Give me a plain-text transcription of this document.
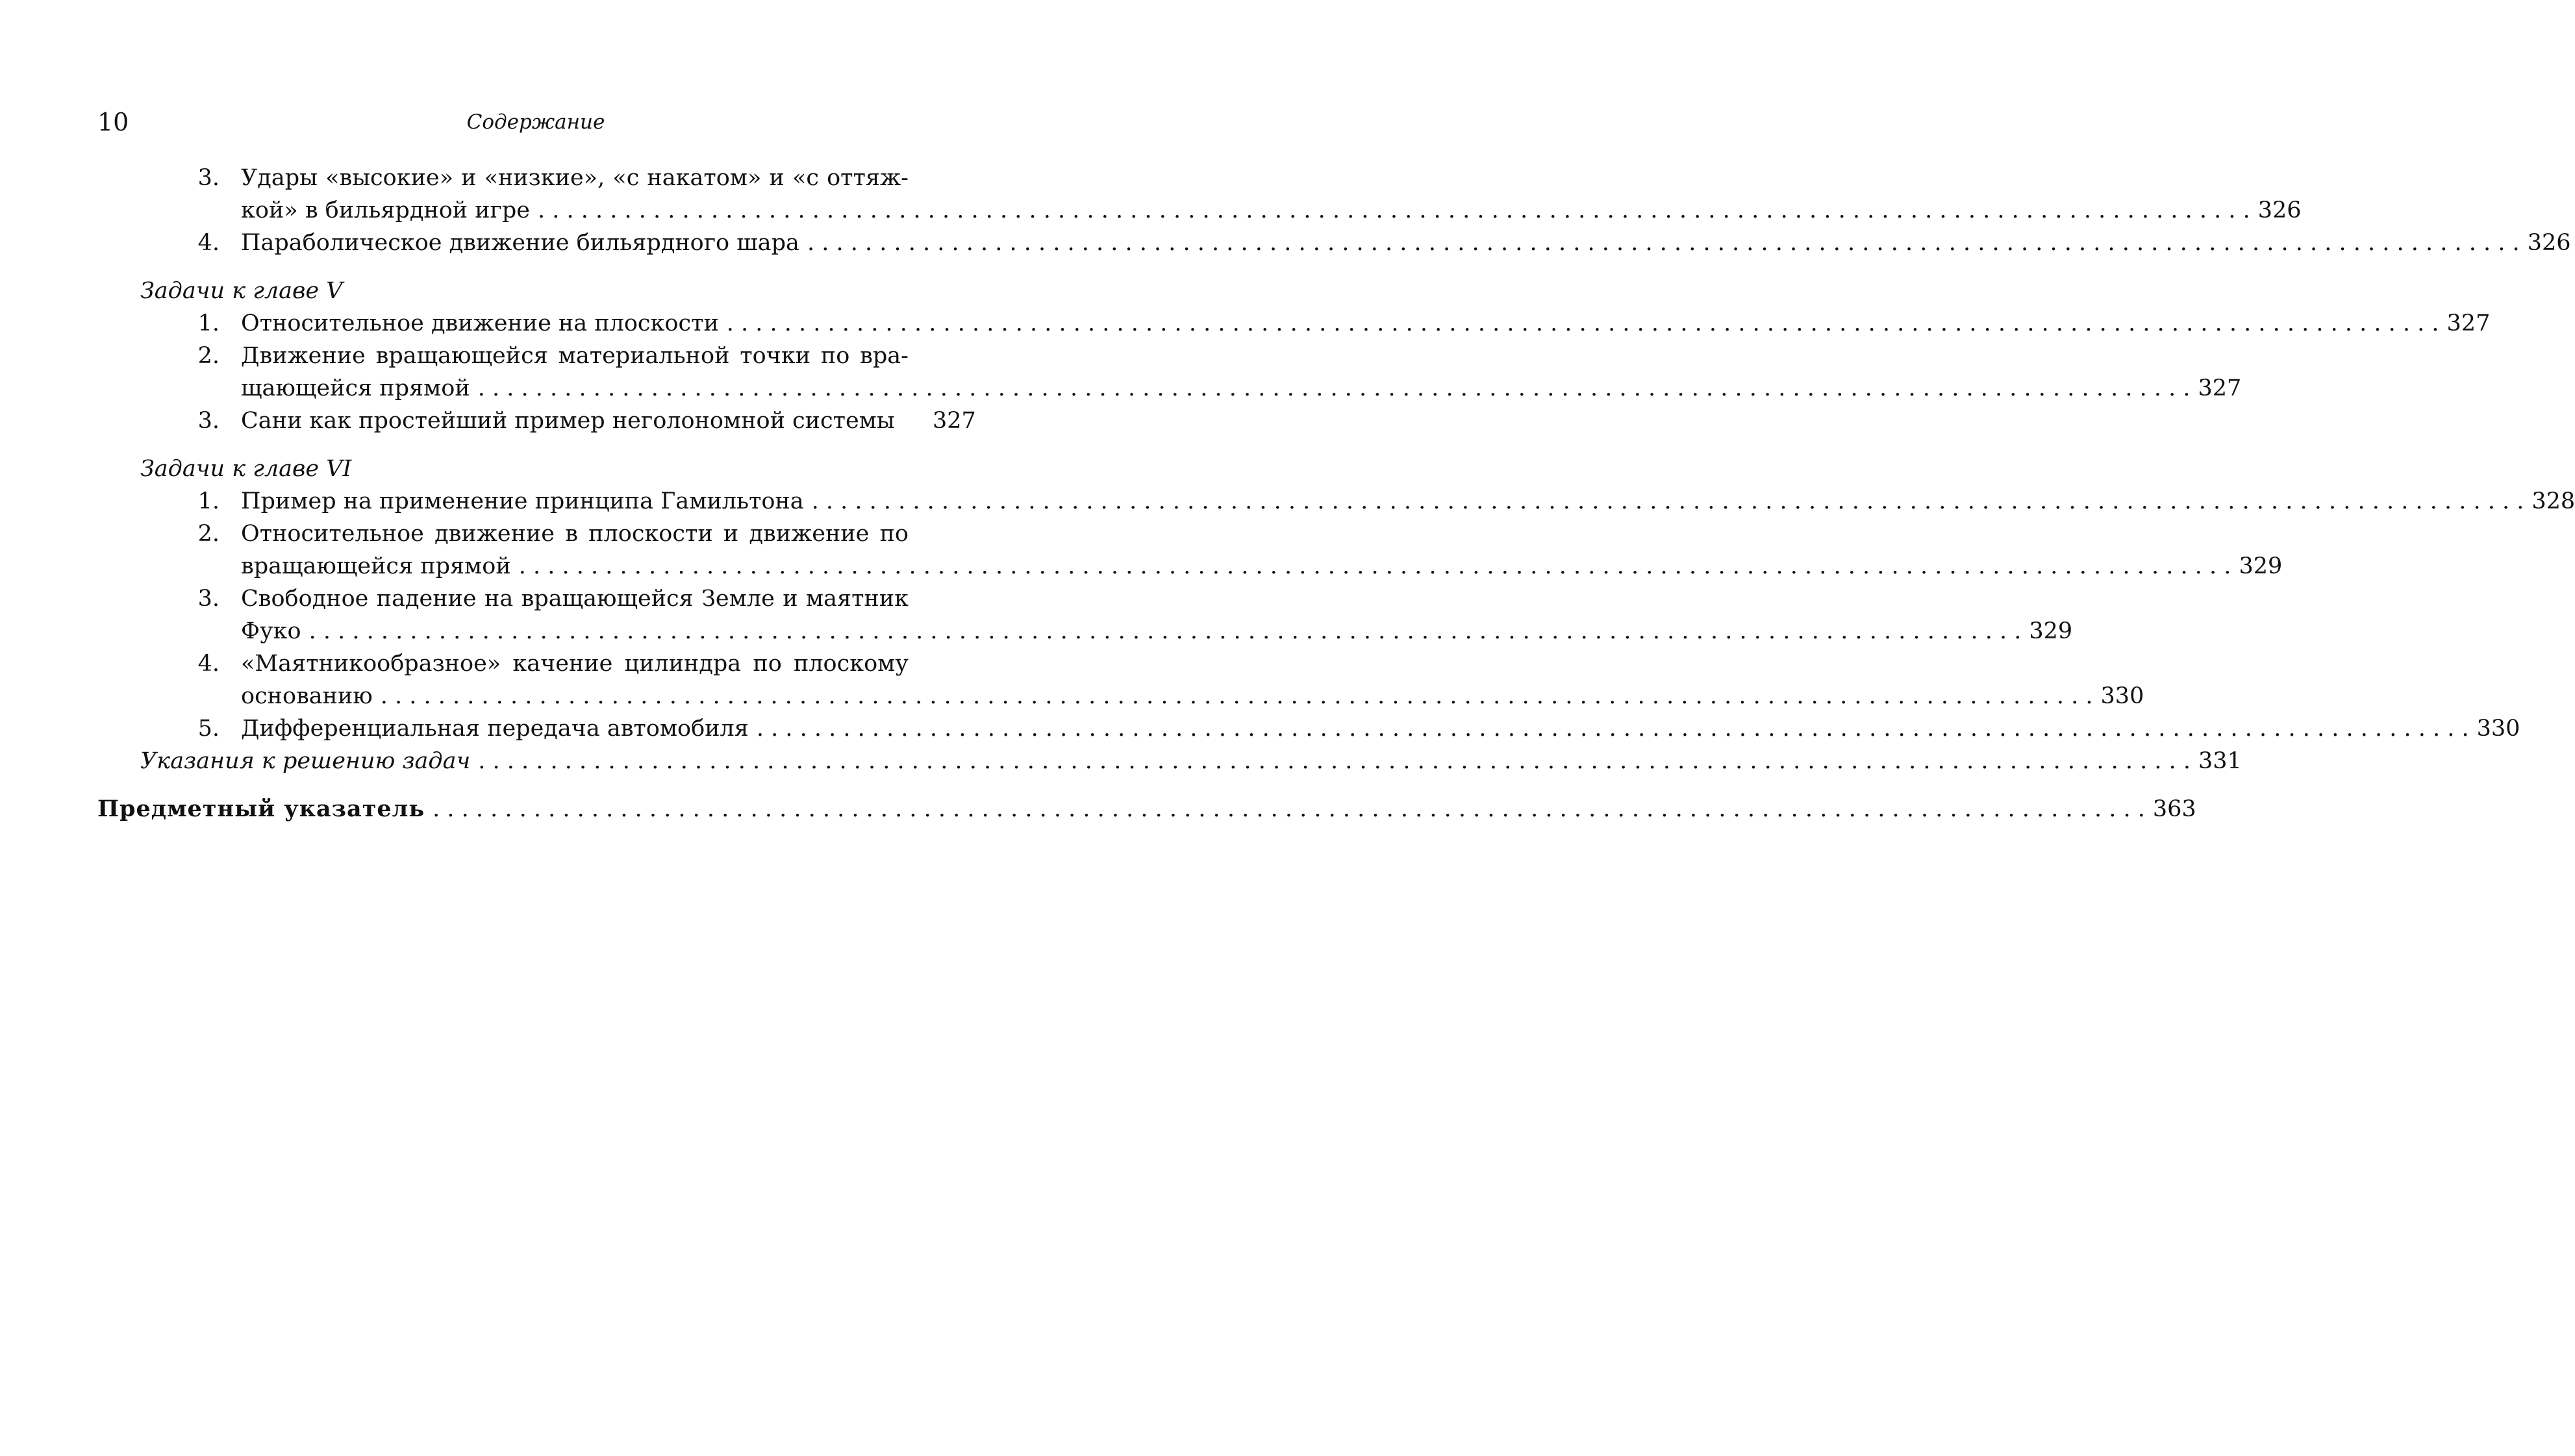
10	Содержание
3. Удары «высокие» и «низкие», «с накатом» и «с оттяж-
кой» в бильярдной игре . . .	326
4. Параболическое движение бильярдного шара . . .	326
Задачи к главе V
1. Относительное движение на плоскости . . .	327
2. Движение вращающейся материальной точки по вра-
щающейся прямой . . .	327
3. Сани как простейший пример неголономной системы 327
Задачи к главе VI
1. Пример на применение принципа Гамильтона . . .	328
2. Относительное движение в плоскости и движение по
вращающейся прямой . . .	329
3. Свободное падение на вращающейся Земле и маятник
Фуко . . .	329
4. «Маятникообразное» качение цилиндра по плоскому
основанию . . .	330
5. Дифференциальная передача автомобиля . . .	330
Указания к решению задач . . .	331
Предметный указатель . . .	363
